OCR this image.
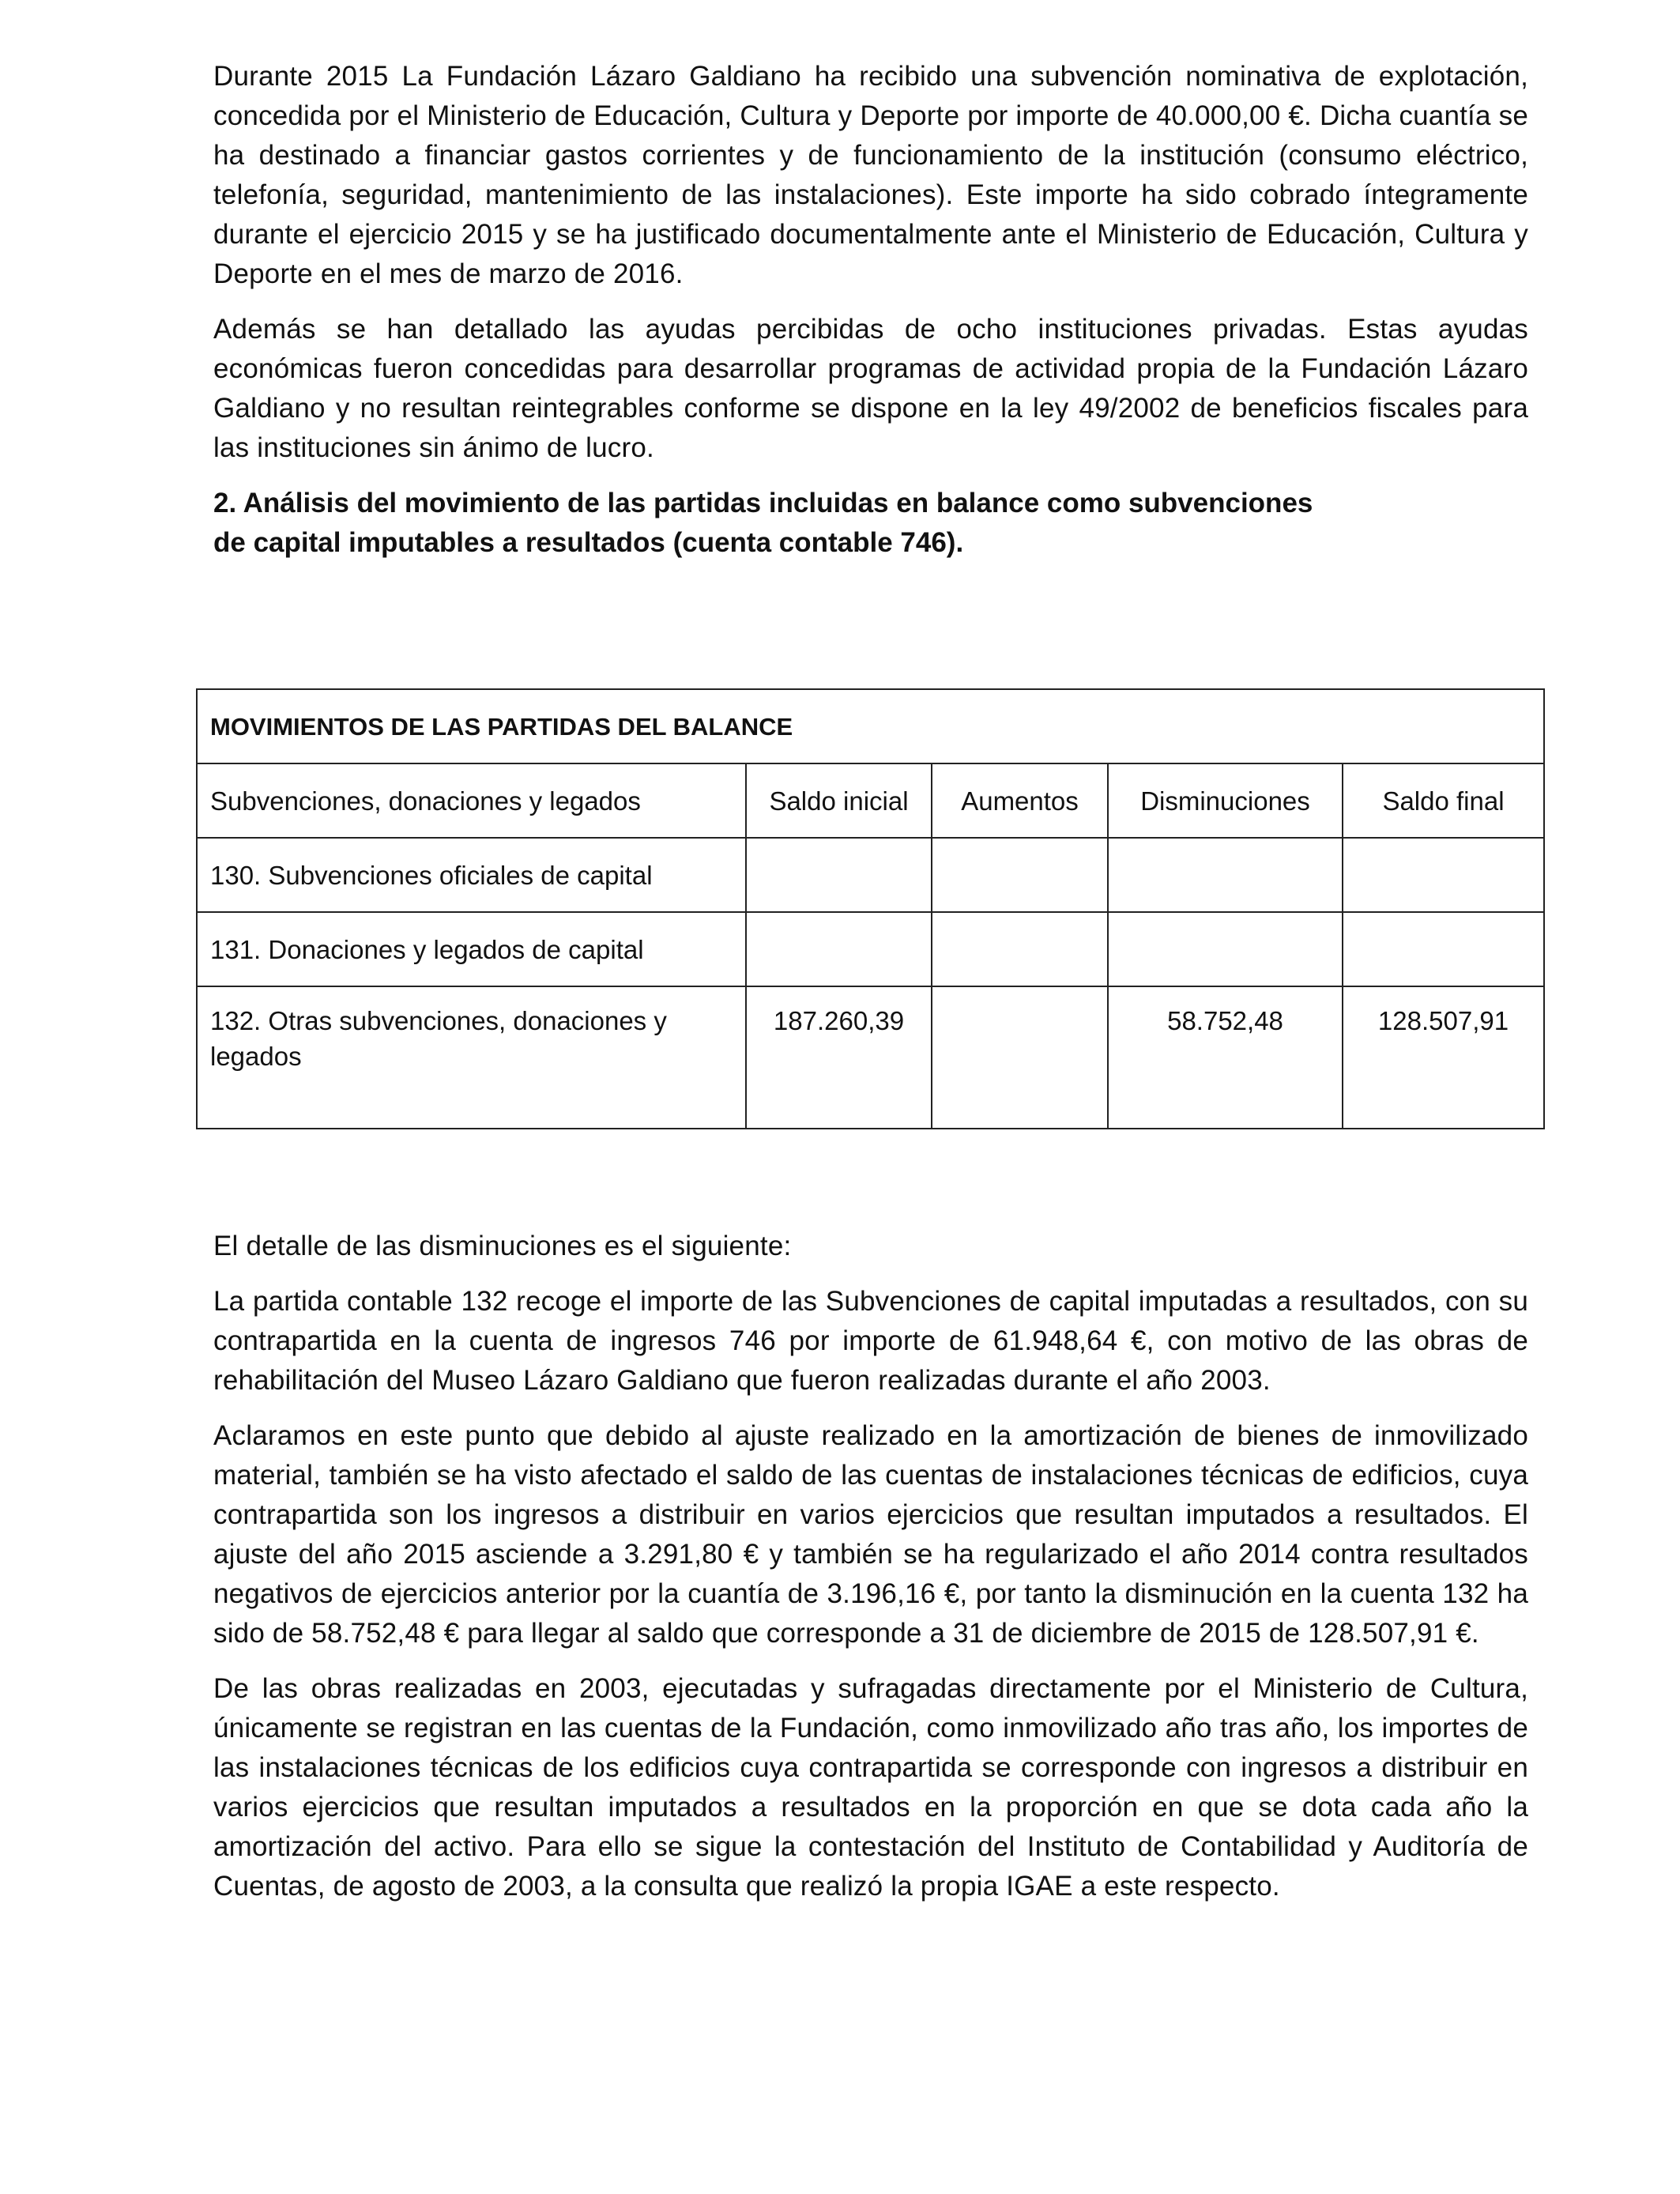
Durante 2015 La Fundación Lázaro Galdiano ha recibido una subvención nominativa de explotación, concedida por el Ministerio de Educación, Cultura y Deporte por importe de 40.000,00 €. Dicha cuantía se ha destinado a financiar gastos corrientes y de funcionamiento de la institución (consumo eléctrico, telefonía, seguridad, mantenimiento de las instalaciones). Este importe ha sido cobrado íntegramente durante el ejercicio 2015 y se ha justificado documentalmente ante el Ministerio de Educación, Cultura y Deporte en el mes de marzo de 2016.

Además se han detallado las ayudas percibidas de ocho instituciones privadas. Estas ayudas económicas fueron concedidas para desarrollar programas de actividad propia de la Fundación Lázaro Galdiano y no resultan reintegrables conforme se dispone en la ley 49/2002 de beneficios fiscales para las instituciones sin ánimo de lucro.

2. Análisis del movimiento de las partidas incluidas en balance como subvenciones
de capital imputables a resultados (cuenta contable 746).
MOVIMIENTOS DE LAS PARTIDAS DEL BALANCE				
Subvenciones, donaciones y legados	Saldo inicial	Aumentos	Disminuciones	Saldo final
130. Subvenciones oficiales de capital				
131. Donaciones y legados de capital				
132. Otras subvenciones, donaciones y legados	187.260,39		58.752,48	128.507,91

El detalle de las disminuciones es el siguiente:

La partida contable 132 recoge el importe de las Subvenciones de capital imputadas a resultados, con su contrapartida en la cuenta de ingresos 746 por importe de 61.948,64 €, con motivo de las obras de rehabilitación del Museo Lázaro Galdiano que fueron realizadas durante el año 2003.

Aclaramos en este punto que debido al ajuste realizado en la amortización de bienes de inmovilizado material, también se ha visto afectado el saldo de las cuentas de instalaciones técnicas de edificios, cuya contrapartida son los ingresos a distribuir en varios ejercicios que resultan imputados a resultados. El ajuste del año 2015 asciende a 3.291,80 € y también se ha regularizado el año 2014 contra resultados negativos de ejercicios anterior por la cuantía de 3.196,16 €, por tanto la disminución en la cuenta 132 ha sido de 58.752,48 € para llegar al saldo que corresponde a 31 de diciembre de 2015 de 128.507,91 €.

De las obras realizadas en 2003, ejecutadas y sufragadas directamente por el Ministerio de Cultura, únicamente se registran en las cuentas de la Fundación, como inmovilizado año tras año, los importes de las instalaciones técnicas de los edificios cuya contrapartida se corresponde con ingresos a distribuir en varios ejercicios que resultan imputados a resultados en la proporción en que se dota cada año la amortización del activo. Para ello se sigue la contestación del Instituto de Contabilidad y Auditoría de Cuentas, de agosto de 2003, a la consulta que realizó la propia IGAE a este respecto.
